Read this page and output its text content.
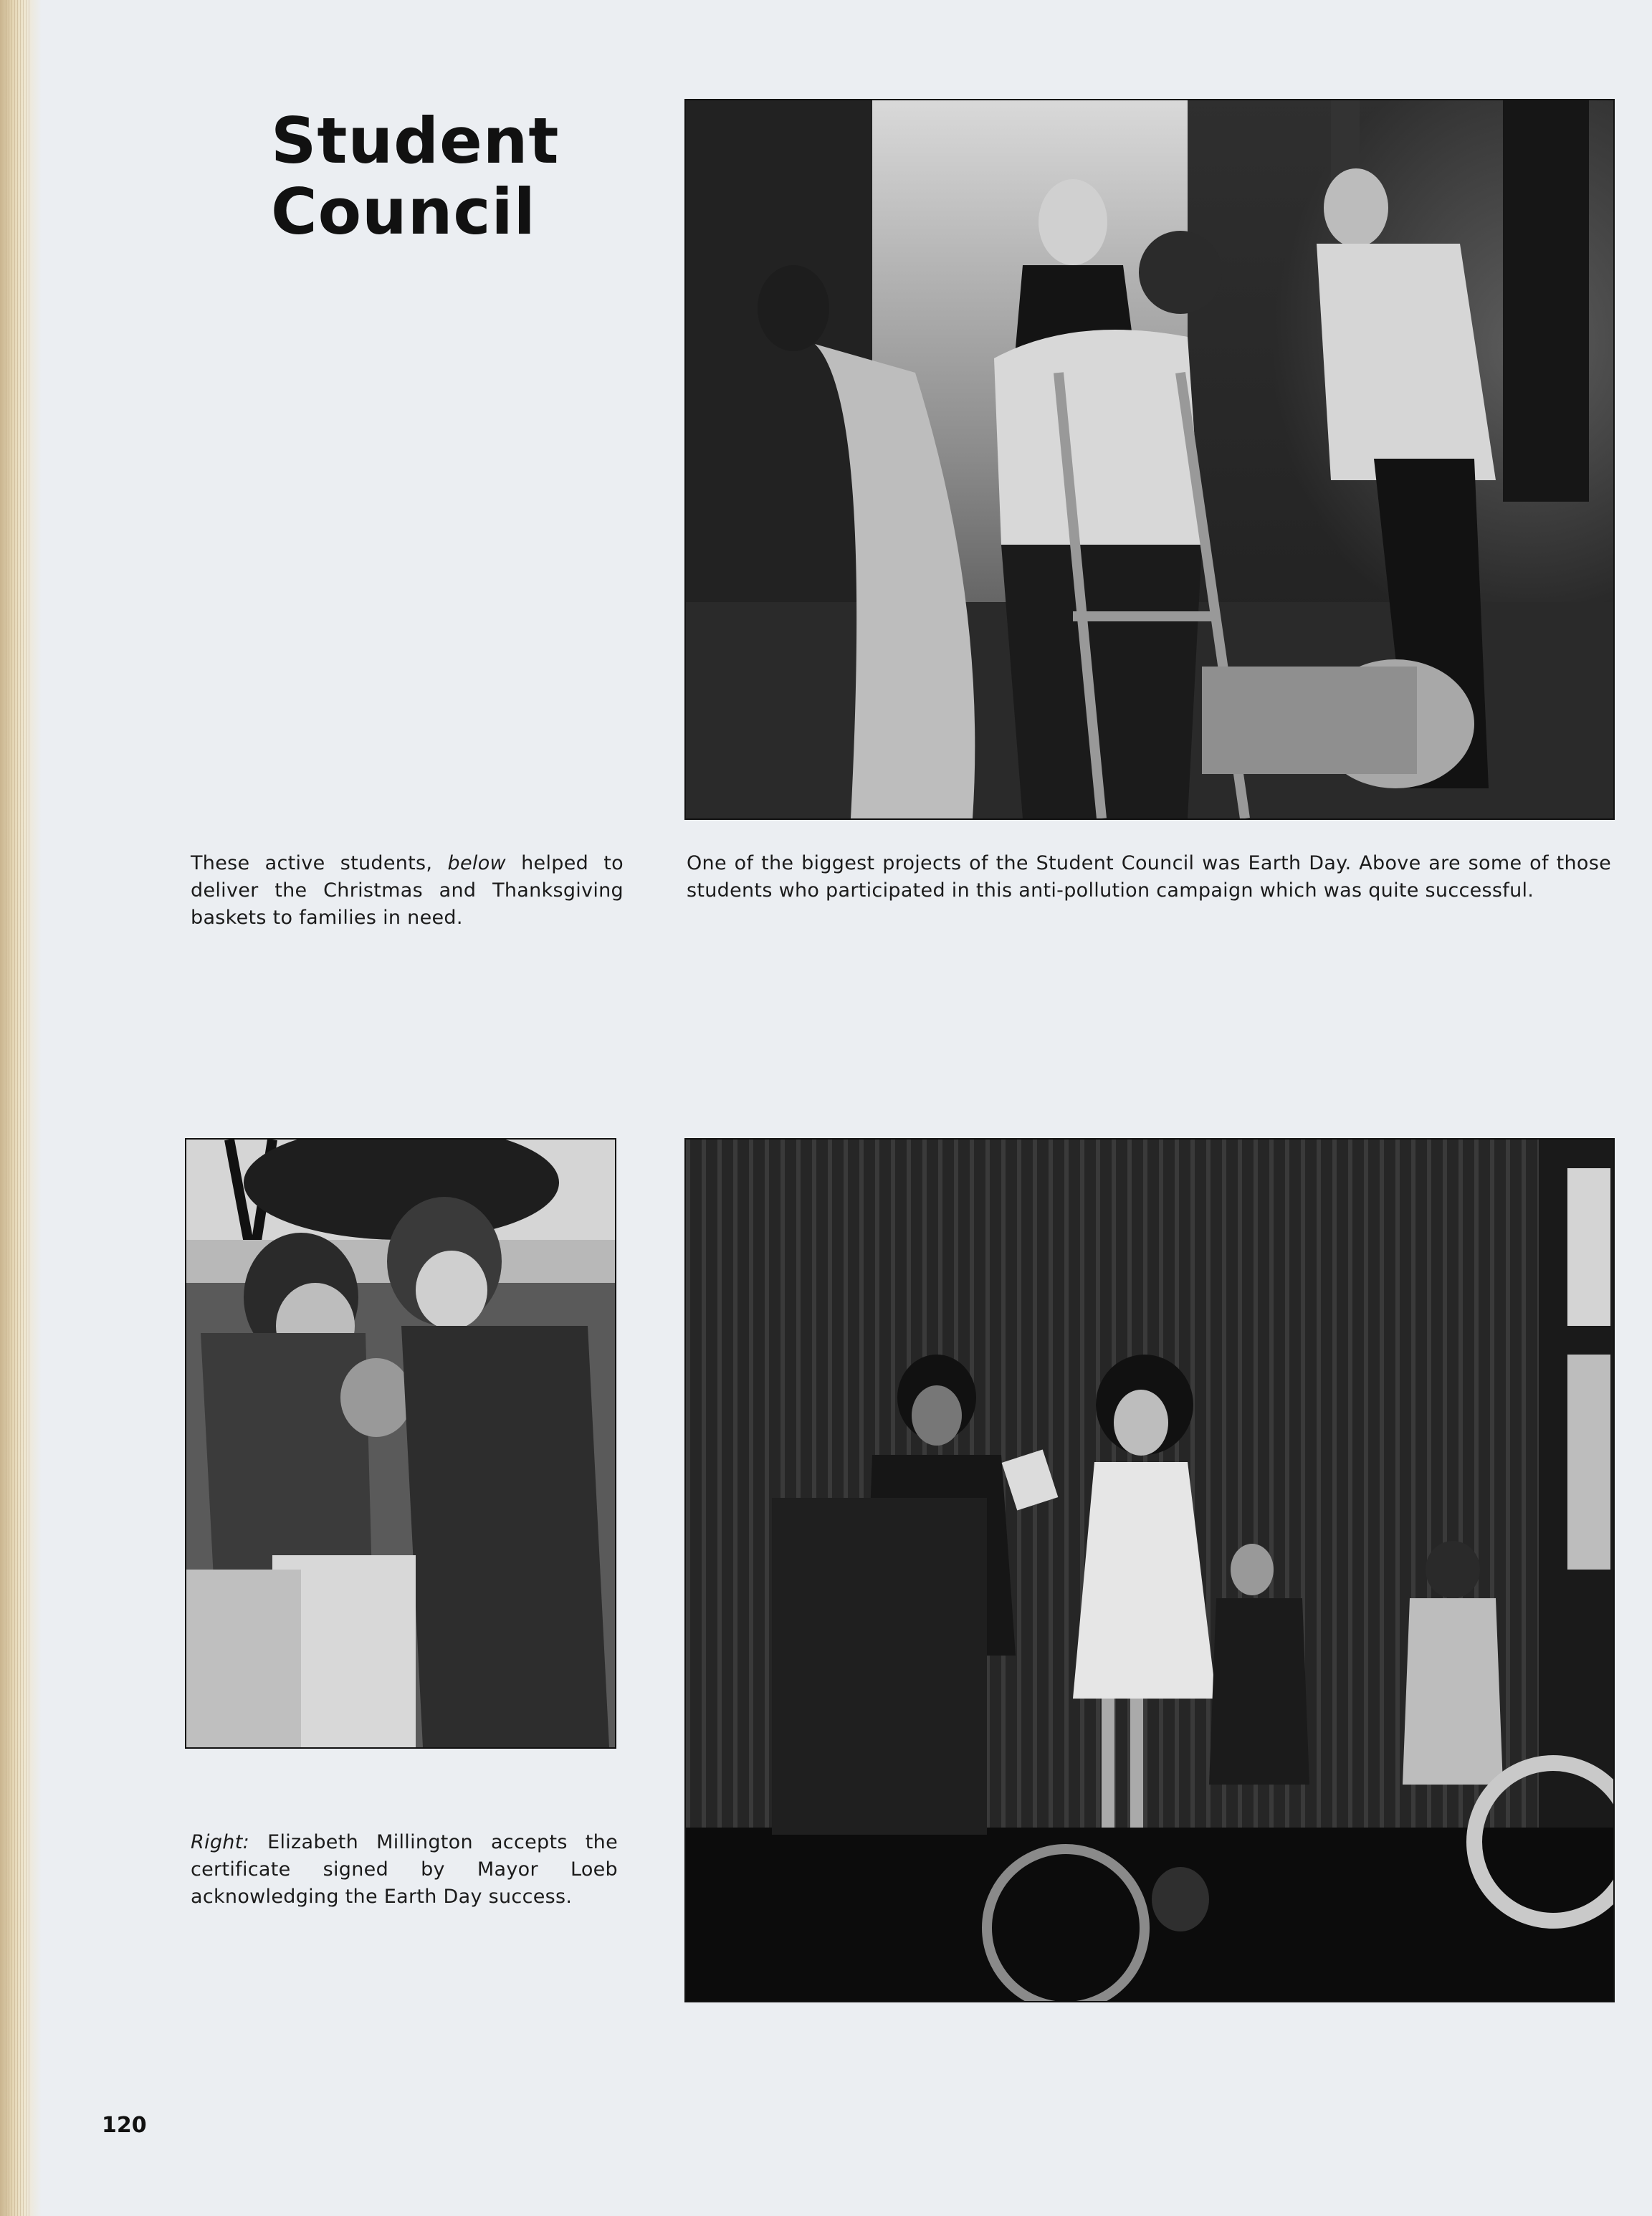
Student
Council
One of the biggest projects of the Student Council was Earth Day. Above are some of those students who participated in this anti-pollution campaign which was quite successful.
These active students, below helped to deliver the Christmas and Thanksgiving baskets to families in need.
Right: Elizabeth Millington accepts the certificate signed by Mayor Loeb acknowledging the Earth Day success.
120
